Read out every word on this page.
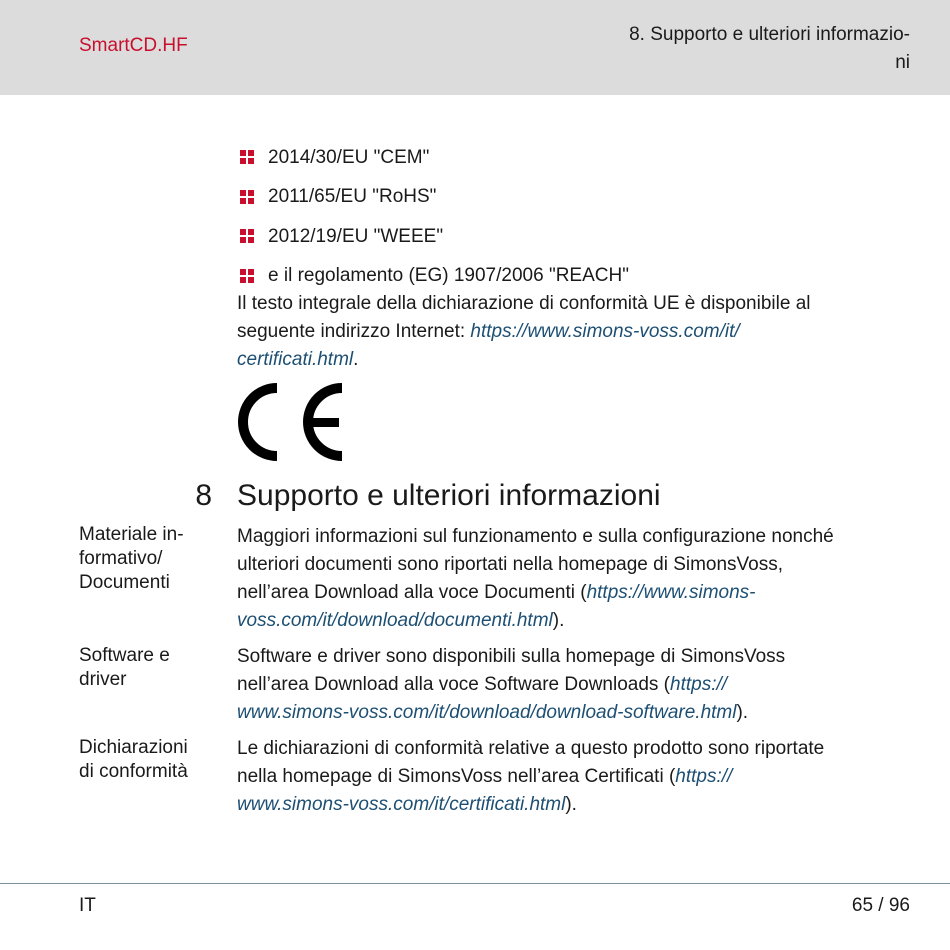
SmartCD.HF
8. Supporto e ulteriori informazio-
ni
2014/30/EU "CEM"
2011/65/EU "RoHS"
2012/19/EU "WEEE"
e il regolamento (EG) 1907/2006 "REACH"

Il testo integrale della dichiarazione di conformità UE è disponibile al
seguente indirizzo Internet: https://www.simons-voss.com/it/
certificati.html.

8 Supporto e ulteriori informazioni
Materiale in-
formativo/
Documenti

Maggiori informazioni sul funzionamento e sulla configurazione nonché
ulteriori documenti sono riportati nella homepage di SimonsVoss,
nell’area Download alla voce Documenti (https://www.simons-
voss.com/it/download/documenti.html).

Software e
driver

Software e driver sono disponibili sulla homepage di SimonsVoss
nell’area Download alla voce Software Downloads (https://
www.simons-voss.com/it/download/download-software.html).

Dichiarazioni
di conformità

Le dichiarazioni di conformità relative a questo prodotto sono riportate
nella homepage di SimonsVoss nell’area Certificati (https://
www.simons-voss.com/it/certificati.html).

IT	65 / 96
